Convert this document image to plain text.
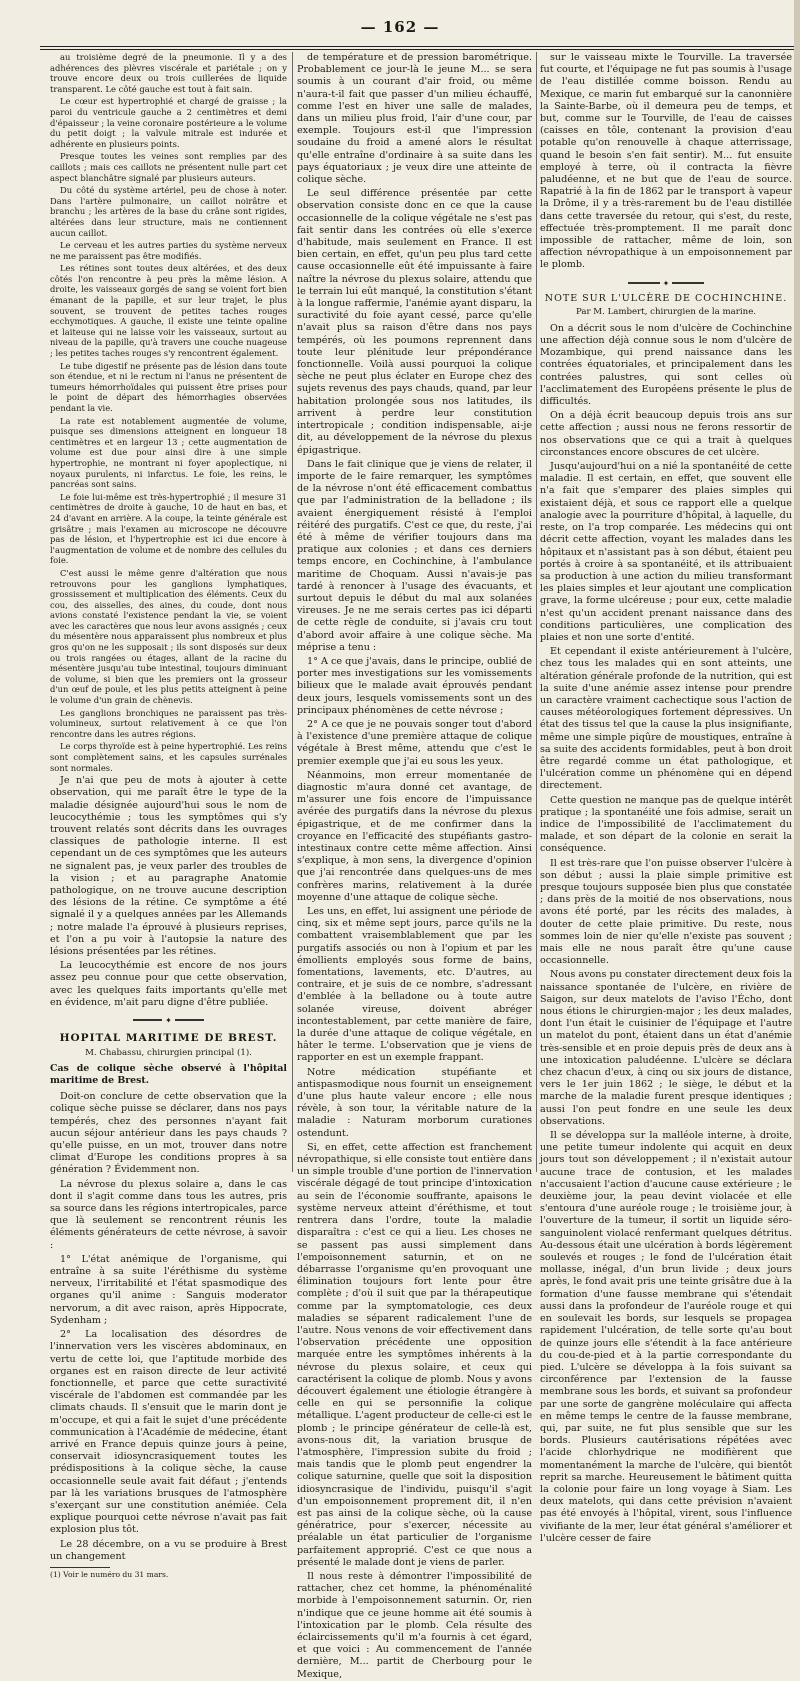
— 162 —

au troisième degré de la pneumonie. Il y a des adhérences des plèvres viscérale et pariétale ; on y trouve encore deux ou trois cuillerées de liquide transparent. Le côté gauche est tout à fait sain.

Le cœur est hypertrophié et chargé de graisse ; la paroi du ventricule gauche a 2 centimètres et demi d'épaisseur ; la veine coronaire postérieure a le volume du petit doigt ; la valvule mitrale est indurée et adhérente en plusieurs points.

Presque toutes les veines sont remplies par des caillots ; mais ces caillots ne présentent nulle part cet aspect blanchâtre signalé par plusieurs auteurs.

Du côté du système artériel, peu de chose à noter. Dans l'artère pulmonaire, un caillot noirâtre et branchu ; les artères de la base du crâne sont rigides, altérées dans leur structure, mais ne contiennent aucun caillot.

Le cerveau et les autres parties du système nerveux ne me paraissent pas être modifiés.

Les rétines sont toutes deux altérées, et des deux côtés l'on rencontre à peu près la même lésion. A droite, les vaisseaux gorgés de sang se voient fort bien émanant de la papille, et sur leur trajet, le plus souvent, se trouvent de petites taches rouges ecchymotiques. A gauche, il existe une teinte opaline et laiteuse qui ne laisse voir les vaisseaux, surtout au niveau de la papille, qu'à travers une couche nuageuse ; les petites taches rouges s'y rencontrent également.

Le tube digestif ne présente pas de lésion dans toute son étendue, et ni le rectum ni l'anus ne présentent de tumeurs hémorrhoïdales qui puissent être prises pour le point de départ des hémorrhagies observées pendant la vie.

La rate est notablement augmentée de volume, puisque ses dimensions atteignent en longueur 18 centimètres et en largeur 13 ; cette augmentation de volume est due pour ainsi dire à une simple hypertrophie, ne montrant ni foyer apoplectique, ni noyaux purulents, ni infarctus. Le foie, les reins, le pancréas sont sains.

Le foie lui-même est très-hypertrophié ; il mesure 31 centimètres de droite à gauche, 10 de haut en bas, et 24 d'avant en arrière. A la coupe, la teinte générale est grisâtre ; mais l'examen au microscope ne découvre pas de lésion, et l'hypertrophie est ici due encore à l'augmentation de volume et de nombre des cellules du foie.

C'est aussi le même genre d'altération que nous retrouvons pour les ganglions lymphatiques, grossissement et multiplication des éléments. Ceux du cou, des aisselles, des aines, du coude, dont nous avions constaté l'existence pendant la vie, se voient avec les caractères que nous leur avons assignés ; ceux du mésentère nous apparaissent plus nombreux et plus gros qu'on ne les supposait ; ils sont disposés sur deux ou trois rangées ou étages, allant de la racine du mésentère jusqu'au tube intestinal, toujours diminuant de volume, si bien que les premiers ont la grosseur d'un œuf de poule, et les plus petits atteignent à peine le volume d'un grain de chènevis.

Les ganglions bronchiques ne paraissent pas très-volumineux, surtout relativement à ce que l'on rencontre dans les autres régions.

Le corps thyroïde est à peine hypertrophié. Les reins sont complètement sains, et les capsules surrénales sont normales.

Je n'ai que peu de mots à ajouter à cette observation, qui me paraît être le type de la maladie désignée aujourd'hui sous le nom de leucocythémie ; tous les symptômes qui s'y trouvent relatés sont décrits dans les ouvrages classiques de pathologie interne. Il est cependant un de ces symptômes que les auteurs ne signalent pas, je veux parler des troubles de la vision ; et au paragraphe Anatomie pathologique, on ne trouve aucune description des lésions de la rétine. Ce symptôme a été signalé il y a quelques années par les Allemands ; notre malade l'a éprouvé à plusieurs reprises, et l'on a pu voir à l'autopsie la nature des lésions présentées par les rétines.

La leucocythémie est encore de nos jours assez peu connue pour que cette observation, avec les quelques faits importants qu'elle met en évidence, m'ait paru digne d'être publiée.

✦
HOPITAL MARITIME DE BREST.
M. Chabassu, chirurgien principal (1).
Cas de colique sèche observé à l'hôpital maritime de Brest.

Doit-on conclure de cette observation que la colique sèche puisse se déclarer, dans nos pays tempérés, chez des personnes n'ayant fait aucun séjour antérieur dans les pays chauds ? qu'elle puisse, en un mot, trouver dans notre climat d'Europe les conditions propres à sa génération ? Évidemment non.

La névrose du plexus solaire a, dans le cas dont il s'agit comme dans tous les autres, pris sa source dans les régions intertropicales, parce que là seulement se rencontrent réunis les éléments générateurs de cette névrose, à savoir :

1° L'état anémique de l'organisme, qui entraîne à sa suite l'éréthisme du système nerveux, l'irritabilité et l'état spasmodique des organes qu'il anime : Sanguis moderator nervorum, a dit avec raison, après Hippocrate, Sydenham ;

2° La localisation des désordres de l'innervation vers les viscères abdominaux, en vertu de cette loi, que l'aptitude morbide des organes est en raison directe de leur activité fonctionnelle, et parce que cette suractivité viscérale de l'abdomen est commandée par les climats chauds. Il s'ensuit que le marin dont je m'occupe, et qui a fait le sujet d'une précédente communication à l'Académie de médecine, étant arrivé en France depuis quinze jours à peine, conservait idiosyncrasiquement toutes les prédispositions à la colique sèche, la cause occasionnelle seule avait fait défaut ; j'entends par là les variations brusques de l'atmosphère s'exerçant sur une constitution anémiée. Cela explique pourquoi cette névrose n'avait pas fait explosion plus tôt.

Le 28 décembre, on a vu se produire à Brest un changement

(1) Voir le numéro du 31 mars.

de température et de pression barométrique. Probablement ce jour-là le jeune M... se sera soumis à un courant d'air froid, ou même n'aura-t-il fait que passer d'un milieu échauffé, comme l'est en hiver une salle de malades, dans un milieu plus froid, l'air d'une cour, par exemple. Toujours est-il que l'impression soudaine du froid a amené alors le résultat qu'elle entraîne d'ordinaire à sa suite dans les pays équatoriaux ; je veux dire une atteinte de colique sèche.

Le seul différence présentée par cette observation consiste donc en ce que la cause occasionnelle de la colique végétale ne s'est pas fait sentir dans les contrées où elle s'exerce d'habitude, mais seulement en France. Il est bien certain, en effet, qu'un peu plus tard cette cause occasionnelle eût été impuissante à faire naître la névrose du plexus solaire, attendu que le terrain lui eût manqué, la constitution s'étant à la longue raffermie, l'anémie ayant disparu, la suractivité du foie ayant cessé, parce qu'elle n'avait plus sa raison d'être dans nos pays tempérés, où les poumons reprennent dans toute leur plénitude leur prépondérance fonctionnelle. Voilà aussi pourquoi la colique sèche ne peut plus éclater en Europe chez des sujets revenus des pays chauds, quand, par leur habitation prolongée sous nos latitudes, ils arrivent à perdre leur constitution intertropicale ; condition indispensable, ai-je dit, au développement de la névrose du plexus épigastrique.

Dans le fait clinique que je viens de relater, il importe de le faire remarquer, les symptômes de la névrose n'ont été efficacement combattus que par l'administration de la belladone ; ils avaient énergiquement résisté à l'emploi réitéré des purgatifs. C'est ce que, du reste, j'ai été à même de vérifier toujours dans ma pratique aux colonies ; et dans ces derniers temps encore, en Cochinchine, à l'ambulance maritime de Choquam. Aussi n'avais-je pas tardé à renoncer à l'usage des évacuants, et surtout depuis le début du mal aux solanées vireuses. Je ne me serais certes pas ici départi de cette règle de conduite, si j'avais cru tout d'abord avoir affaire à une colique sèche. Ma méprise a tenu :

1° A ce que j'avais, dans le principe, oublié de porter mes investigations sur les vomissements bilieux que le malade avait éprouvés pendant deux jours, lesquels vomissements sont un des principaux phénomènes de cette névrose ;

2° A ce que je ne pouvais songer tout d'abord à l'existence d'une première attaque de colique végétale à Brest même, attendu que c'est le premier exemple que j'ai eu sous les yeux.

Néanmoins, mon erreur momentanée de diagnostic m'aura donné cet avantage, de m'assurer une fois encore de l'impuissance avérée des purgatifs dans la névrose du plexus épigastrique, et de me confirmer dans la croyance en l'efficacité des stupéfiants gastro-intestinaux contre cette même affection. Ainsi s'explique, à mon sens, la divergence d'opinion que j'ai rencontrée dans quelques-uns de mes confrères marins, relativement à la durée moyenne d'une attaque de colique sèche.

Les uns, en effet, lui assignent une période de cinq, six et même sept jours, parce qu'ils ne la combattent vraisemblablement que par les purgatifs associés ou non à l'opium et par les émollients employés sous forme de bains, fomentations, lavements, etc. D'autres, au contraire, et je suis de ce nombre, s'adressant d'emblée à la belladone ou à toute autre solanée vireuse, doivent abréger incontestablement, par cette manière de faire, la durée d'une attaque de colique végétale, en hâter le terme. L'observation que je viens de rapporter en est un exemple frappant.

Notre médication stupéfiante et antispasmodique nous fournit un enseignement d'une plus haute valeur encore ; elle nous révèle, à son tour, la véritable nature de la maladie : Naturam morborum curationes ostendunt.

Si, en effet, cette affection est franchement névropathique, si elle consiste tout entière dans un simple trouble d'une portion de l'innervation viscérale dégagé de tout principe d'intoxication au sein de l'économie souffrante, apaisons le système nerveux atteint d'éréthisme, et tout rentrera dans l'ordre, toute la maladie disparaîtra : c'est ce qui a lieu. Les choses ne se passent pas aussi simplement dans l'empoisonnement saturnin, et on ne débarrasse l'organisme qu'en provoquant une élimination toujours fort lente pour être complète ; d'où il suit que par la thérapeutique comme par la symptomatologie, ces deux maladies se séparent radicalement l'une de l'autre. Nous venons de voir effectivement dans l'observation précédente une opposition marquée entre les symptômes inhérents à la névrose du plexus solaire, et ceux qui caractérisent la colique de plomb. Nous y avons découvert également une étiologie étrangère à celle en qui se personnifie la colique métallique. L'agent producteur de celle-ci est le plomb ; le principe générateur de celle-là est, avons-nous dit, la variation brusque de l'atmosphère, l'impression subite du froid ; mais tandis que le plomb peut engendrer la colique saturnine, quelle que soit la disposition idiosyncrasique de l'individu, puisqu'il s'agit d'un empoisonnement proprement dit, il n'en est pas ainsi de la colique sèche, où la cause génératrice, pour s'exercer, nécessite au préalable un état particulier de l'organisme parfaitement approprié. C'est ce que nous a présenté le malade dont je viens de parler.

Il nous reste à démontrer l'impossibilité de rattacher, chez cet homme, la phénoménalité morbide à l'empoisonnement saturnin. Or, rien n'indique que ce jeune homme ait été soumis à l'intoxication par le plomb. Cela résulte des éclaircissements qu'il m'a fournis à cet égard, et que voici : Au commencement de l'année dernière, M... partit de Cherbourg pour le Mexique,

sur le vaisseau mixte le Tourville. La traversée fut courte, et l'équipage ne fut pas soumis à l'usage de l'eau distillée comme boisson. Rendu au Mexique, ce marin fut embarqué sur la canonnière la Sainte-Barbe, où il demeura peu de temps, et but, comme sur le Tourville, de l'eau de caisses (caisses en tôle, contenant la provision d'eau potable qu'on renouvelle à chaque atterrissage, quand le besoin s'en fait sentir). M... fut ensuite employé à terre, où il contracta la fièvre paludéenne, et ne but que de l'eau de source. Rapatrié à la fin de 1862 par le transport à vapeur la Drôme, il y a très-rarement bu de l'eau distillée dans cette traversée du retour, qui s'est, du reste, effectuée très-promptement. Il me paraît donc impossible de rattacher, même de loin, son affection névropathique à un empoisonnement par le plomb.

✦
NOTE SUR L'ULCÈRE DE COCHINCHINE.
Par M. Lambert, chirurgien de la marine.

On a décrit sous le nom d'ulcère de Cochinchine une affection déjà connue sous le nom d'ulcère de Mozambique, qui prend naissance dans les contrées équatoriales, et principalement dans les contrées palustres, qui sont celles où l'acclimatement des Européens présente le plus de difficultés.

On a déjà écrit beaucoup depuis trois ans sur cette affection ; aussi nous ne ferons ressortir de nos observations que ce qui a trait à quelques circonstances encore obscures de cet ulcère.

Jusqu'aujourd'hui on a nié la spontanéité de cette maladie. Il est certain, en effet, que souvent elle n'a fait que s'emparer des plaies simples qui existaient déjà, et sous ce rapport elle a quelque analogie avec la pourriture d'hôpital, à laquelle, du reste, on l'a trop comparée. Les médecins qui ont décrit cette affection, voyant les malades dans les hôpitaux et n'assistant pas à son début, étaient peu portés à croire à sa spontanéité, et ils attribuaient sa production à une action du milieu transformant les plaies simples et leur ajoutant une complication grave, la forme ulcéreuse ; pour eux, cette maladie n'est qu'un accident prenant naissance dans des conditions particulières, une complication des plaies et non une sorte d'entité.

Et cependant il existe antérieurement à l'ulcère, chez tous les malades qui en sont atteints, une altération générale profonde de la nutrition, qui est la suite d'une anémie assez intense pour prendre un caractère vraiment cachectique sous l'action de causes météorologiques fortement dépressives. Un état des tissus tel que la cause la plus insignifiante, même une simple piqûre de moustiques, entraîne à sa suite des accidents formidables, peut à bon droit être regardé comme un état pathologique, et l'ulcération comme un phénomène qui en dépend directement.

Cette question ne manque pas de quelque intérêt pratique ; la spontanéité une fois admise, serait un indice de l'impossibilité de l'acclimatement du malade, et son départ de la colonie en serait la conséquence.

Il est très-rare que l'on puisse observer l'ulcère à son début ; aussi la plaie simple primitive est presque toujours supposée bien plus que constatée ; dans près de la moitié de nos observations, nous avons été porté, par les récits des malades, à douter de cette plaie primitive. Du reste, nous sommes loin de nier qu'elle n'existe pas souvent ; mais elle ne nous paraît être qu'une cause occasionnelle.

Nous avons pu constater directement deux fois la naissance spontanée de l'ulcère, en rivière de Saigon, sur deux matelots de l'aviso l'Écho, dont nous étions le chirurgien-major ; les deux malades, dont l'un était le cuisinier de l'équipage et l'autre un matelot du pont, étaient dans un état d'anémie très-sensible et en proie depuis près de deux ans à une intoxication paludéenne. L'ulcère se déclara chez chacun d'eux, à cinq ou six jours de distance, vers le 1er juin 1862 ; le siège, le début et la marche de la maladie furent presque identiques ; aussi l'on peut fondre en une seule les deux observations.

Il se développa sur la malléole interne, à droite, une petite tumeur indolente qui acquit en deux jours tout son développement ; il n'existait autour aucune trace de contusion, et les malades n'accusaient l'action d'aucune cause extérieure ; le deuxième jour, la peau devint violacée et elle s'entoura d'une auréole rouge ; le troisième jour, à l'ouverture de la tumeur, il sortit un liquide séro-sanguinolent violacé renfermant quelques détritus. Au-dessous était une ulcération à bords légèrement soulevés et rouges ; le fond de l'ulcération était mollasse, inégal, d'un brun livide ; deux jours après, le fond avait pris une teinte grisâtre due à la formation d'une fausse membrane qui s'étendait aussi dans la profondeur de l'auréole rouge et qui en soulevait les bords, sur lesquels se propagea rapidement l'ulcération, de telle sorte qu'au bout de quinze jours elle s'étendit à la face antérieure du cou-de-pied et à la partie correspondante du pied. L'ulcère se développa à la fois suivant sa circonférence par l'extension de la fausse membrane sous les bords, et suivant sa profondeur par une sorte de gangrène moléculaire qui affecta en même temps le centre de la fausse membrane, qui, par suite, ne fut plus sensible que sur les bords. Plusieurs cautérisations répétées avec l'acide chlorhydrique ne modifièrent que momentanément la marche de l'ulcère, qui bientôt reprit sa marche. Heureusement le bâtiment quitta la colonie pour faire un long voyage à Siam. Les deux matelots, qui dans cette prévision n'avaient pas été envoyés à l'hôpital, virent, sous l'influence vivifiante de la mer, leur état général s'améliorer et l'ulcère cesser de faire
